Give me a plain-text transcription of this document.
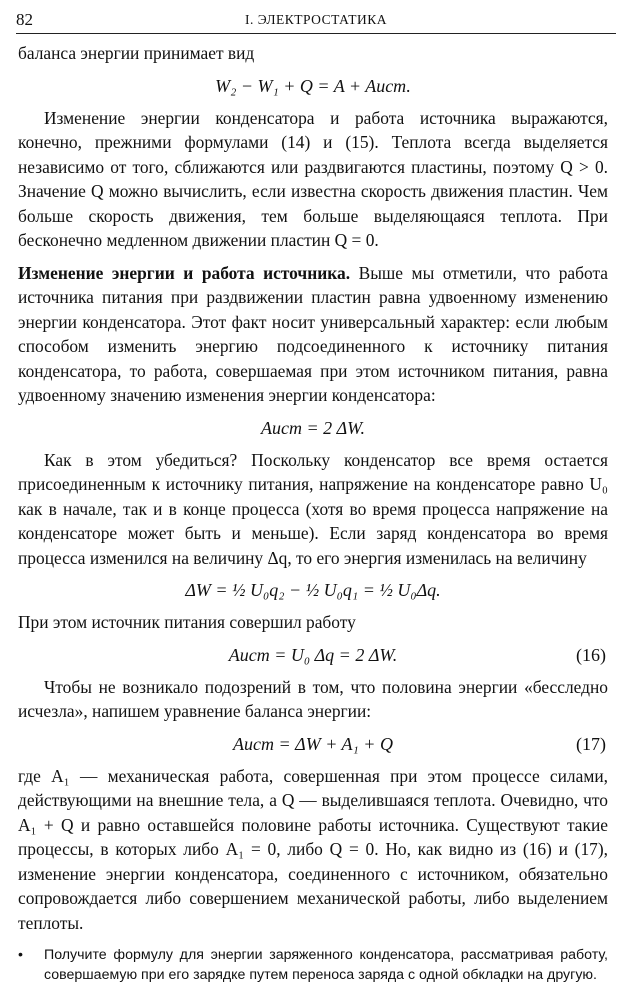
82	I. ЭЛЕКТРОСТАТИКА

баланса энергии принимает вид

W₂ − W₁ + Q = A + Aист.

Изменение энергии конденсатора и работа источника выражаются, конечно, прежними формулами (14) и (15). Теплота всегда выделяется независимо от того, сближаются или раздвигаются пластины, поэтому Q > 0. Значение Q можно вычислить, если известна скорость движения пластин. Чем больше скорость движения, тем больше выделяющаяся теплота. При бесконечно медленном движении пластин Q = 0.

Изменение энергии и работа источника. Выше мы отметили, что работа источника питания при раздвижении пластин равна удвоенному изменению энергии конденсатора. Этот факт носит универсальный характер: если любым способом изменить энергию подсоединенного к источнику питания конденсатора, то работа, совершаемая при этом источником питания, равна удвоенному значению изменения энергии конденсатора:

Aист = 2 ΔW.

Как в этом убедиться? Поскольку конденсатор все время остается присоединенным к источнику питания, напряжение на конденсаторе равно U₀ как в начале, так и в конце процесса (хотя во время процесса напряжение на конденсаторе может быть и меньше). Если заряд конденсатора во время процесса изменился на величину Δq, то его энергия изменилась на величину

ΔW = ½ U₀q₂ − ½ U₀q₁ = ½ U₀Δq.

При этом источник питания совершил работу

Aист = U₀ Δq = 2 ΔW.	(16)

Чтобы не возникало подозрений в том, что половина энергии «бесследно исчезла», напишем уравнение баланса энергии:

Aист = ΔW + A₁ + Q	(17)

где A₁ — механическая работа, совершенная при этом процессе силами, действующими на внешние тела, а Q — выделившаяся теплота. Очевидно, что A₁ + Q и равно оставшейся половине работы источника. Существуют такие процессы, в которых либо A₁ = 0, либо Q = 0. Но, как видно из (16) и (17), изменение энергии конденсатора, соединенного с источником, обязательно сопровождается либо совершением механической работы, либо выделением теплоты.

•	Получите формулу для энергии заряженного конденсатора, рассматривая работу, совершаемую при его зарядке путем переноса заряда с одной обкладки на другую.
